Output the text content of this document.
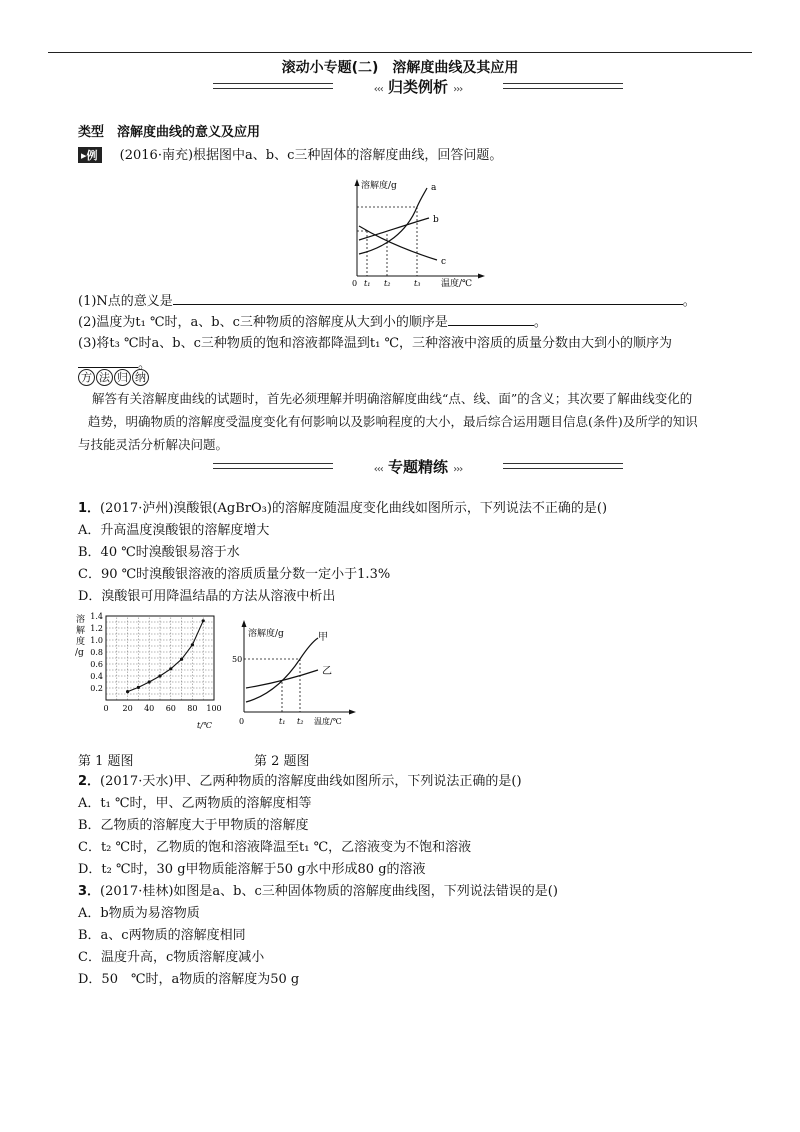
滚动小专题(二)　溶解度曲线及其应用
‹‹‹ 归类例析 ›››
类型　溶解度曲线的意义及应用
▸例 (2016·南充)根据图中a、b、c三种固体的溶解度曲线，回答问题。
溶解度/g	a
b
c
0 t₁ t₂	t₃ 温度/℃
(1)N点的意义是	。
(2)温度为t₁ ℃时，a、b、c三种物质的溶解度从大到小的顺序是	。
(3)将t₃ ℃时a、b、c三种物质的饱和溶液都降温到t₁ ℃，三种溶液中溶质的质量分数由大到小的顺序为
。
方 法 归 纳
解答有关溶解度曲线的试题时，首先必须理解并明确溶解度曲线“点、线、面”的含义；其次要了解曲线变化的
趋势，明确物质的溶解度受温度变化有何影响以及影响程度的大小，最后综合运用题目信息(条件)及所学的知识
与技能灵活分析解决问题。
‹‹‹ 专题精练 ›››
1．(2017·泸州)溴酸银(AgBrO₃)的溶解度随温度变化曲线如图所示，下列说法不正确的是()
A．升高温度溴酸银的溶解度增大
B．40 ℃时溴酸银易溶于水
C．90 ℃时溴酸银溶液的溶质质量分数一定小于1.3%
D．溴酸银可用降温结晶的方法从溶液中析出
0.2
0.4
0.6
0.8
1.0
1.2
1.4
0 20 40 60 80 100
溶
解
度
/g
t/℃
溶解度/g	甲
乙
50
0	t₁ t₂ 温度/℃
第 1 题图	第 2 题图
2．(2017·天水)甲、乙两种物质的溶解度曲线如图所示，下列说法正确的是()
A．t₁ ℃时，甲、乙两物质的溶解度相等
B．乙物质的溶解度大于甲物质的溶解度
C．t₂ ℃时，乙物质的饱和溶液降温至t₁ ℃，乙溶液变为不饱和溶液
D．t₂ ℃时，30 g甲物质能溶解于50 g水中形成80 g的溶液
3．(2017·桂林)如图是a、b、c三种固体物质的溶解度曲线图，下列说法错误的是()
A．b物质为易溶物质
B．a、c两物质的溶解度相同
C．温度升高，c物质溶解度减小
D．50　℃时，a物质的溶解度为50 g
